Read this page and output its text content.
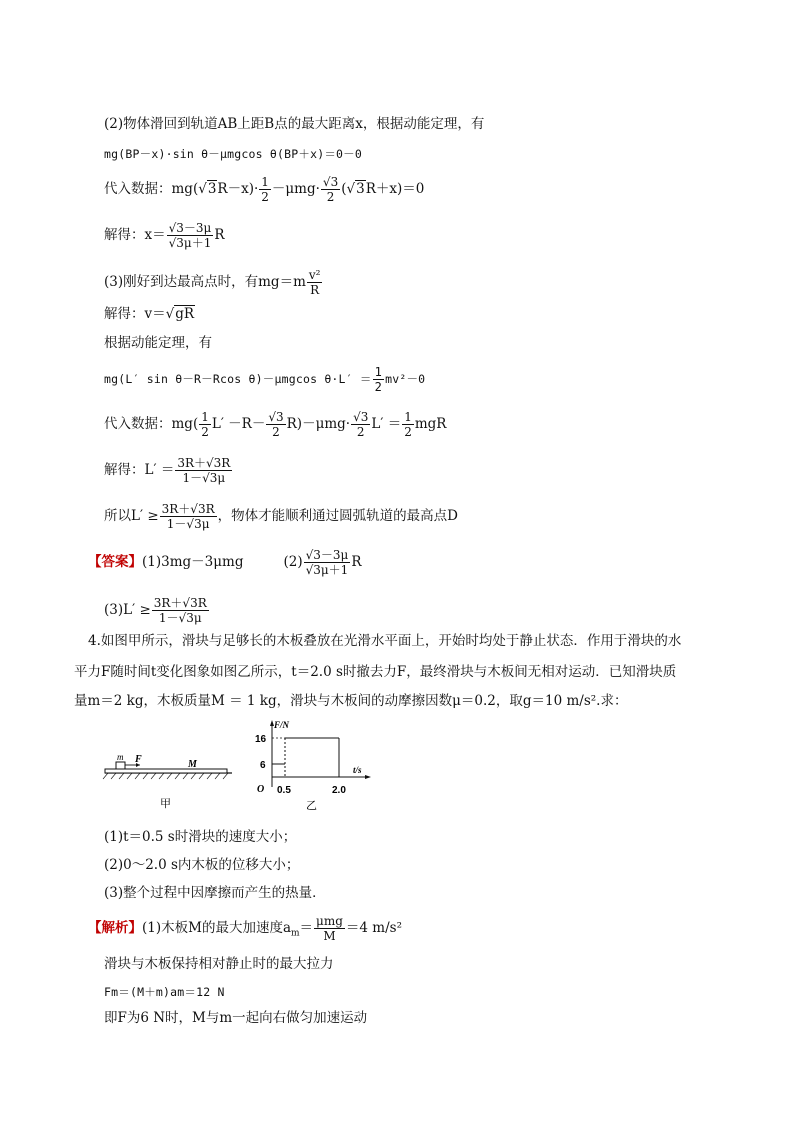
(2)物体滑回到轨道AB上距B点的最大距离x，根据动能定理，有
mg(BP－x)·sin θ－μmgcos θ(BP＋x)＝0－0
代入数据：$mg(√3R-x)\cdot \frac{1}{2} -\mu mg\cdot \frac{√3}{2} (√3R+x)=0$
解得：$x= \frac{√3-3\mu}{√3\mu+1}$ R
(3)刚好到达最高点时，有$mg=m \frac{\text{v²}}{R}$
解得：v＝√gR
根据动能定理，有
mg(L′ sin θ－R－Rcos θ)－μmgcos $\theta\cdot L' = \frac{1}{2} mv^2-0$
代入数据：$mg( \frac{1}{2} L' -R- \frac{√3}{2} R)-\mu mg\cdot \frac{√3}{2} L' = \frac{1}{2}$ mgR
解得：$L' = \frac{3R+√3R}{1-√3\mu}$
所以$L' \ge \frac{3R+√3R}{1-√3\mu}$ ，物体才能顺利通过圆弧轨道的最高点D
【答案】(1)3mg－3μmg	$(2) \frac{√3-3\mu}{√3\mu+1}$ R
$(3)L' \ge \frac{3R+√3R}{1-√3\mu}$
4.如图甲所示，滑块与足够长的木板叠放在光滑水平面上，开始时均处于静止状态．作用于滑块的水
平力F随时间t变化图象如图乙所示，t＝2.0 s时撤去力F，最终滑块与木板间无相对运动．已知滑块质
量m＝2 kg，木板质量M ＝ 1 kg，滑块与木板间的动摩擦因数μ＝0.2，取g＝10 m/s².求：
m F	M
甲
F/N
t/s
O
16
6
0.5	2.0
乙
(1)t＝0.5 s时滑块的速度大小；
(2)0～2.0 s内木板的位移大小；
(3)整个过程中因摩擦而产生的热量．
【解析】(1)木板M的最大加速度$a_m= \frac{\text{μmg}}{M} =4$ m/s²
滑块与木板保持相对静止时的最大拉力
Fm＝(M＋m)am＝12 N
即F为6 N时，M与m一起向右做匀加速运动
